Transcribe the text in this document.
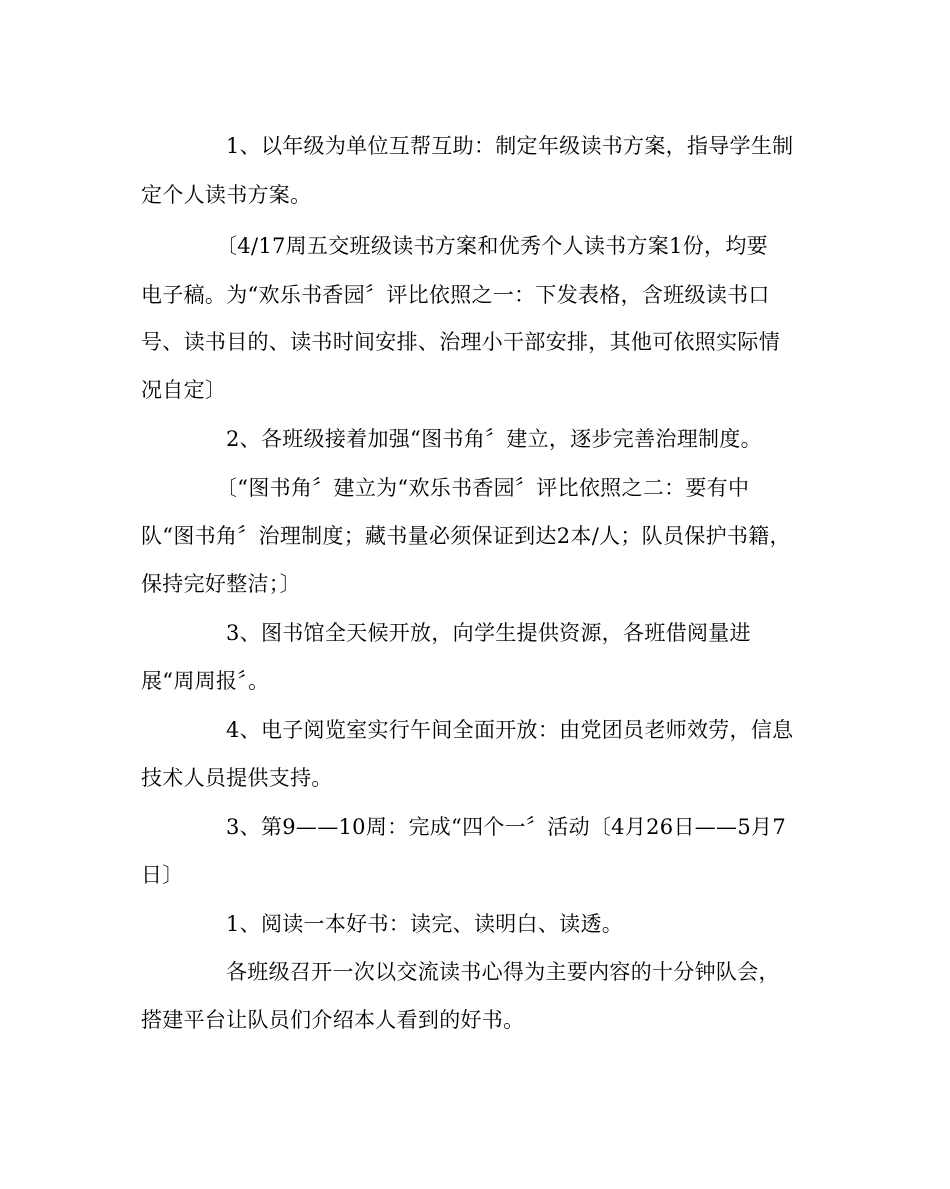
1、以年级为单位互帮互助：制定年级读书方案，指导学生制
定个人读书方案。
〔4/17周五交班级读书方案和优秀个人读书方案1份，均要
电子稿。为“欢乐书香园〞评比依照之一：下发表格，含班级读书口
号、读书目的、读书时间安排、治理小干部安排，其他可依照实际情
况自定〕
2、各班级接着加强“图书角〞建立，逐步完善治理制度。
〔“图书角〞建立为“欢乐书香园〞评比依照之二：要有中
队“图书角〞治理制度；藏书量必须保证到达2本/人；队员保护书籍，
保持完好整洁；〕
3、图书馆全天候开放，向学生提供资源，各班借阅量进
展“周周报〞。
4、电子阅览室实行午间全面开放：由党团员老师效劳，信息
技术人员提供支持。
3、第9——10周：完成“四个一〞活动〔4月26日——5月7
日〕
1、阅读一本好书：读完、读明白、读透。
各班级召开一次以交流读书心得为主要内容的十分钟队会，
搭建平台让队员们介绍本人看到的好书。
